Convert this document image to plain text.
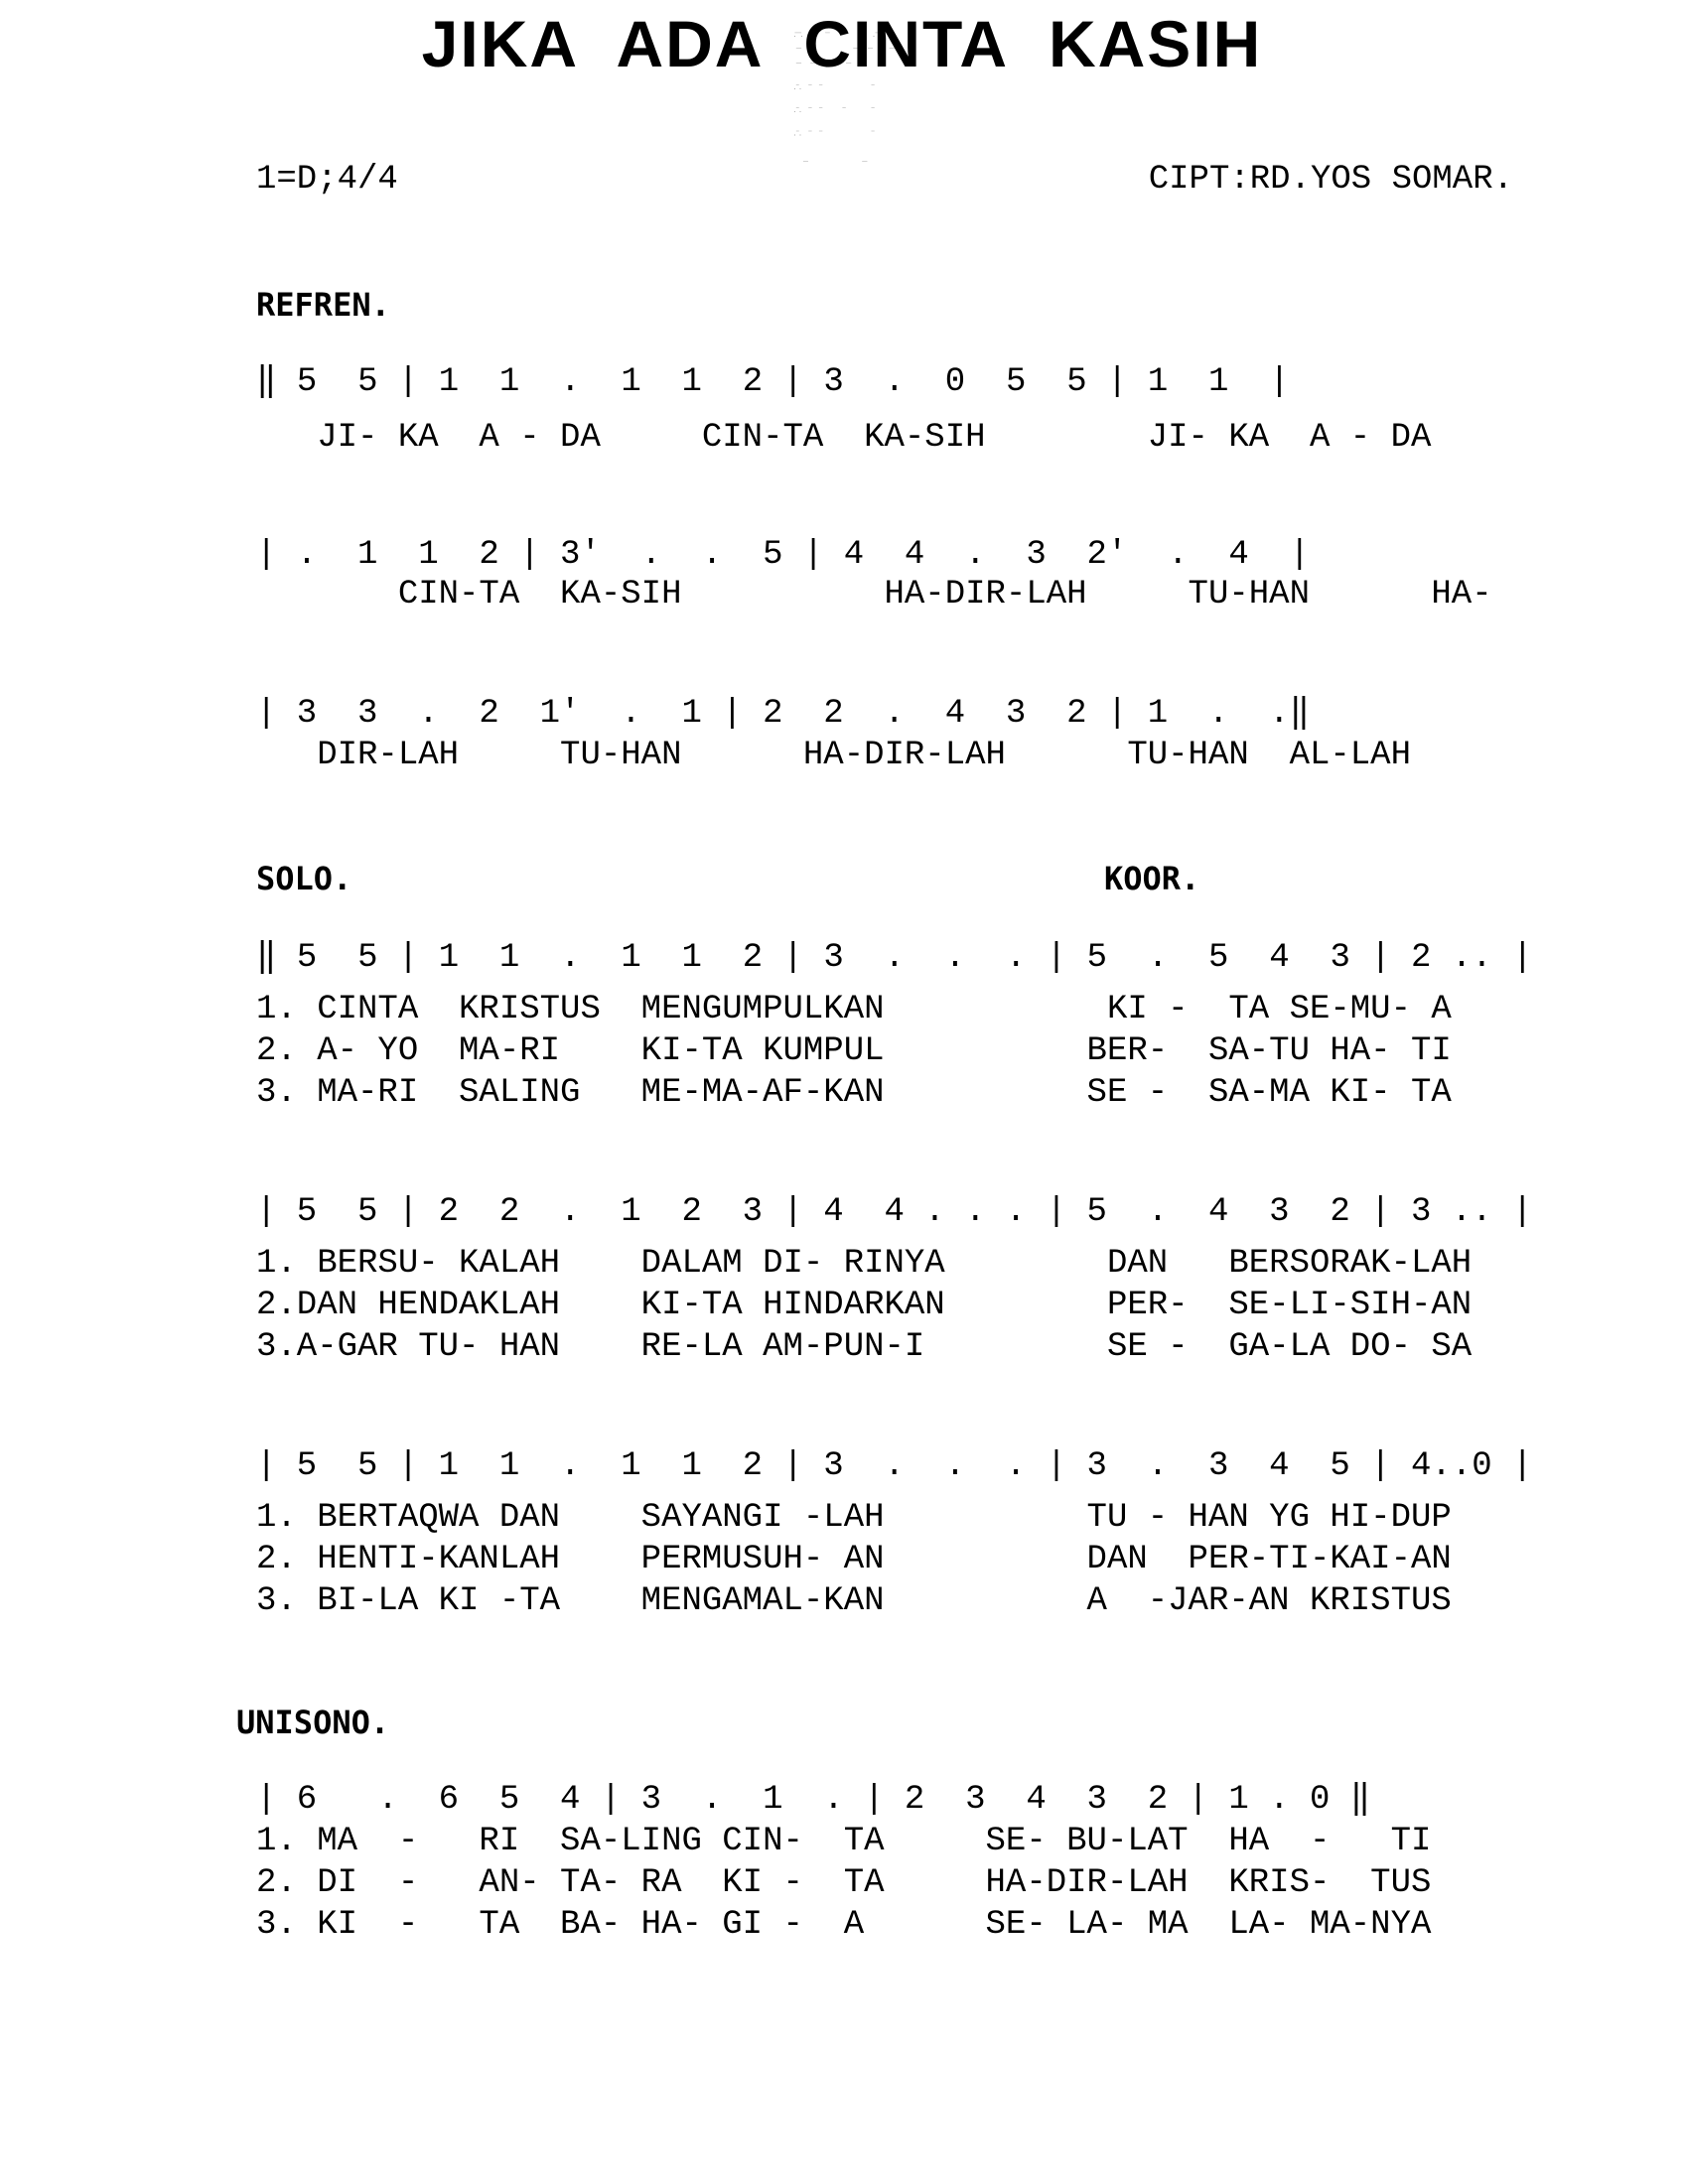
JIKA ADA CINTA KASIH

1=D;4/4	CIPT:RD.YOS SOMAR.

REFREN.

‖ 5  5 | 1  1  .  1  1  2 | 3  .  0  5  5 | 1  1  |

JI- KA  A - DA     CIN-TA  KA-SIH        JI- KA  A - DA

| .  1  1  2 | 3'  .  .  5 | 4  4  .  3  2'  .  4  |

CIN-TA  KA-SIH          HA-DIR-LAH     TU-HAN      HA-

| 3  3  .  2  1'  .  1 | 2  2  .  4  3  2 | 1  .  .‖

DIR-LAH     TU-HAN      HA-DIR-LAH      TU-HAN  AL-LAH

SOLO.	KOOR.

‖ 5  5 | 1  1  .  1  1  2 | 3  .  .  . | 5  .  5  4  3 | 2 .. |

1. CINTA  KRISTUS  MENGUMPULKAN           KI -  TA SE-MU- A

2. A- YO  MA-RI    KI-TA KUMPUL          BER-  SA-TU HA- TI

3. MA-RI  SALING   ME-MA-AF-KAN          SE -  SA-MA KI- TA

| 5  5 | 2  2  .  1  2  3 | 4  4 . . . | 5  .  4  3  2 | 3 .. |

1. BERSU- KALAH    DALAM DI- RINYA        DAN   BERSORAK-LAH

2.DAN HENDAKLAH    KI-TA HINDARKAN        PER-  SE-LI-SIH-AN

3.A-GAR TU- HAN    RE-LA AM-PUN-I         SE -  GA-LA DO- SA

| 5  5 | 1  1  .  1  1  2 | 3  .  .  . | 3  .  3  4  5 | 4..0 |

1. BERTAQWA DAN    SAYANGI -LAH          TU - HAN YG HI-DUP

2. HENTI-KANLAH    PERMUSUH- AN          DAN  PER-TI-KAI-AN

3. BI-LA KI -TA    MENGAMAL-KAN          A  -JAR-AN KRISTUS

UNISONO.

| 6   .  6  5  4 | 3  .  1  . | 2  3  4  3  2 | 1 . 0 ‖

1. MA  -   RI  SA-LING CIN-  TA     SE- BU-LAT  HA  -   TI

2. DI  -   AN- TA- RA  KI -  TA     HA-DIR-LAH  KRIS-  TUS

3. KI  -   TA  BA- HA- GI -  A      SE- LA- MA  LA- MA-NYA
